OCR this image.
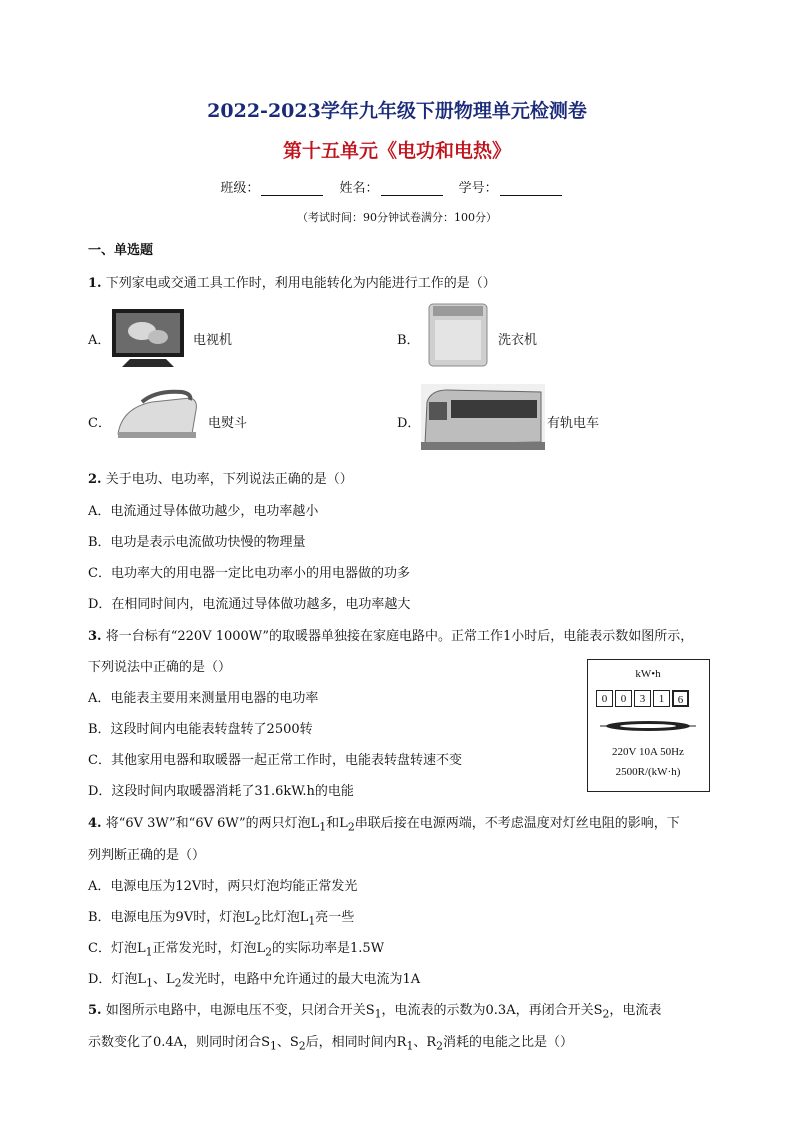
2022-2023学年九年级下册物理单元检测卷
第十五单元《电功和电热》
班级：	姓名：	学号：
（考试时间：90分钟试卷满分：100分）
一、单选题
1. 下列家电或交通工具工作时，利用电能转化为内能进行工作的是（）
A．	电视机	B．	洗衣机
C．	电熨斗	D．	有轨电车
2. 关于电功、电功率，下列说法正确的是（）
A．电流通过导体做功越少，电功率越小
B．电功是表示电流做功快慢的物理量
C．电功率大的用电器一定比电功率小的用电器做的功多
D．在相同时间内，电流通过导体做功越多，电功率越大
3. 将一台标有“220V 1000W”的取暖器单独接在家庭电路中。正常工作1小时后，电能表示数如图所示，
下列说法中正确的是（）
A．电能表主要用来测量用电器的电功率
B．这段时间内电能表转盘转了2500转
C．其他家用电器和取暖器一起正常工作时，电能表转盘转速不变
D．这段时间内取暖器消耗了31.6kW.h的电能
kW•h
0	0	3	1	6
220V 10A 50Hz
2500R/(kW·h)
4. 将“6V 3W”和“6V 6W”的两只灯泡$L_1$和$L_2$串联后接在电源两端，不考虑温度对灯丝电阻的影响，下
列判断正确的是（）
A．电源电压为12V时，两只灯泡均能正常发光
B．电源电压为9V时，灯泡$L_2$比灯泡$L_1$亮一些
C．灯泡$L_1$正常发光时，灯泡$L_2$的实际功率是1.5W
D．灯泡$L_1$、$L_2$发光时，电路中允许通过的最大电流为1A
5. 如图所示电路中，电源电压不变，只闭合开关$S_1$，电流表的示数为0.3A，再闭合开关$S_2$，电流表
示数变化了0.4A，则同时闭合$S_1$、$S_2$后，相同时间内$R_1$、$R_2$消耗的电能之比是（）
